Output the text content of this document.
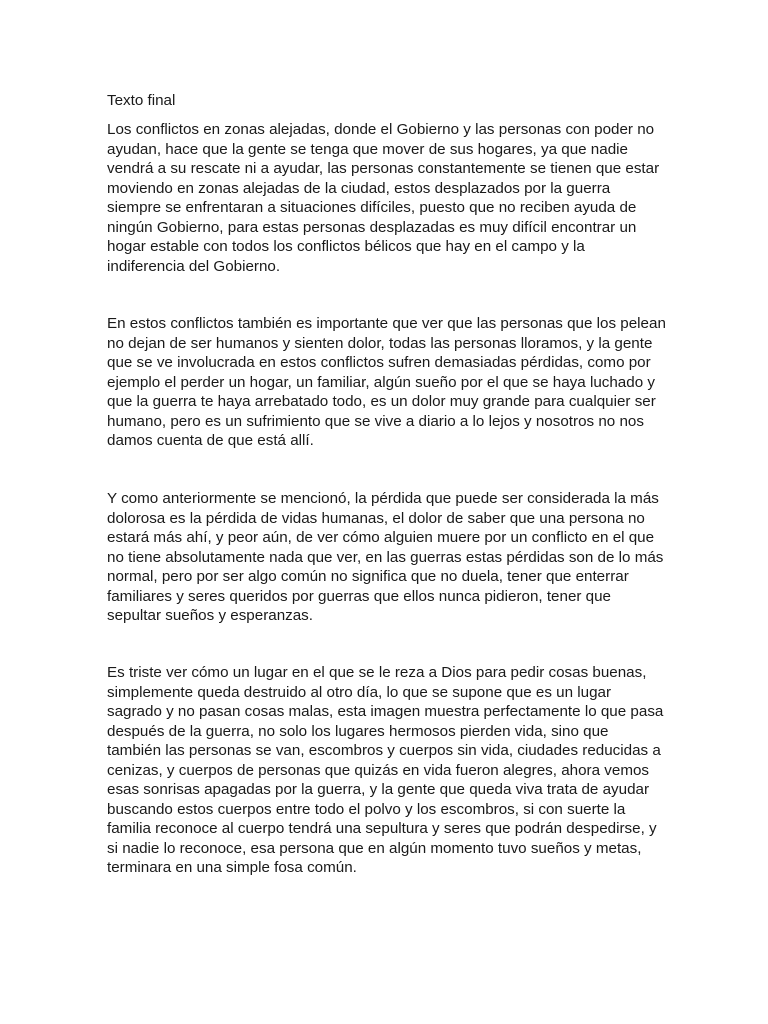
Texto final

Los conflictos en zonas alejadas, donde el Gobierno y las personas con poder no
ayudan, hace que la gente se tenga que mover de sus hogares, ya que nadie
vendrá a su rescate ni a ayudar, las personas constantemente se tienen que estar
moviendo en zonas alejadas de la ciudad, estos desplazados por la guerra
siempre se enfrentaran a situaciones difíciles, puesto que no reciben ayuda de
ningún Gobierno, para estas personas desplazadas es muy difícil encontrar un
hogar estable con todos los conflictos bélicos que hay en el campo y la
indiferencia del Gobierno.

En estos conflictos también es importante que ver que las personas que los pelean
no dejan de ser humanos y sienten dolor, todas las personas lloramos, y la gente
que se ve involucrada en estos conflictos sufren demasiadas pérdidas, como por
ejemplo el perder un hogar, un familiar, algún sueño por el que se haya luchado y
que la guerra te haya arrebatado todo, es un dolor muy grande para cualquier ser
humano, pero es un sufrimiento que se vive a diario a lo lejos y nosotros no nos
damos cuenta de que está allí.

Y como anteriormente se mencionó, la pérdida que puede ser considerada la más
dolorosa es la pérdida de vidas humanas, el dolor de saber que una persona no
estará más ahí, y peor aún, de ver cómo alguien muere por un conflicto en el que
no tiene absolutamente nada que ver, en las guerras estas pérdidas son de lo más
normal, pero por ser algo común no significa que no duela, tener que enterrar
familiares y seres queridos por guerras que ellos nunca pidieron, tener que
sepultar sueños y esperanzas.

Es triste ver cómo un lugar en el que se le reza a Dios para pedir cosas buenas,
simplemente queda destruido al otro día, lo que se supone que es un lugar
sagrado y no pasan cosas malas, esta imagen muestra perfectamente lo que pasa
después de la guerra, no solo los lugares hermosos pierden vida, sino que
también las personas se van, escombros y cuerpos sin vida, ciudades reducidas a
cenizas, y cuerpos de personas que quizás en vida fueron alegres, ahora vemos
esas sonrisas apagadas por la guerra, y la gente que queda viva trata de ayudar
buscando estos cuerpos entre todo el polvo y los escombros, si con suerte la
familia reconoce al cuerpo tendrá una sepultura y seres que podrán despedirse, y
si nadie lo reconoce, esa persona que en algún momento tuvo sueños y metas,
terminara en una simple fosa común.
